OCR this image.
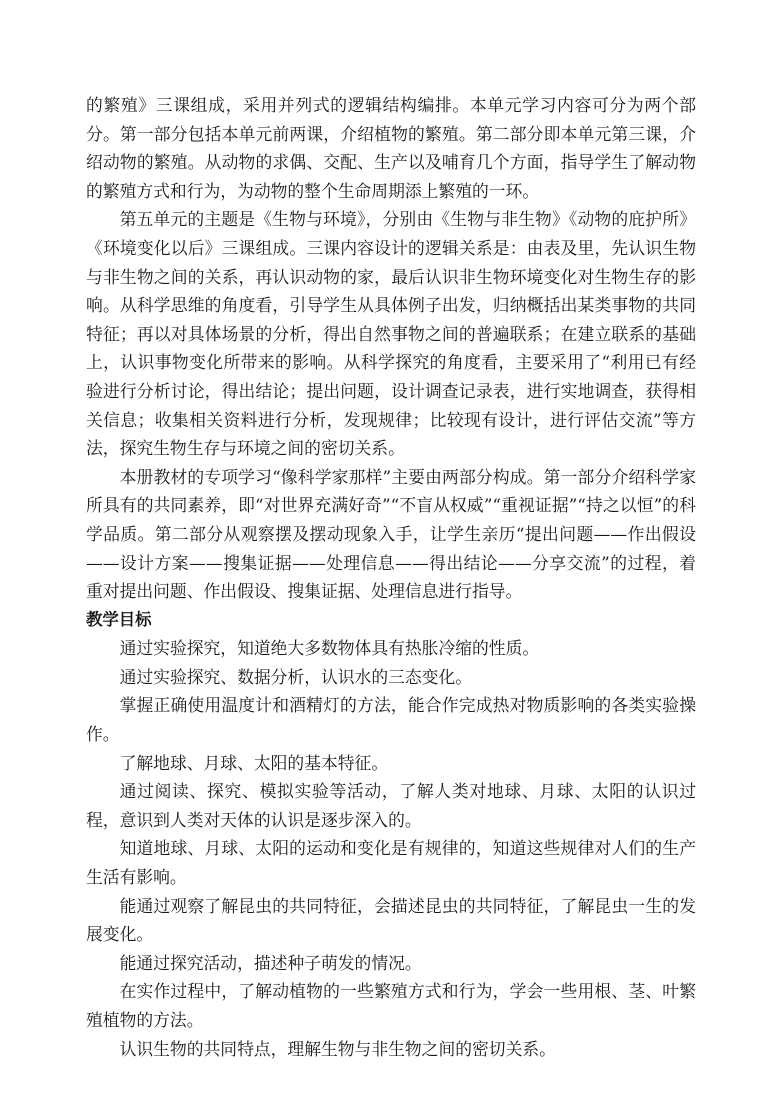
的繁殖》三课组成，采用并列式的逻辑结构编排。本单元学习内容可分为两个部分。第一部分包括本单元前两课，介绍植物的繁殖。第二部分即本单元第三课，介绍动物的繁殖。从动物的求偶、交配、生产以及哺育几个方面，指导学生了解动物的繁殖方式和行为，为动物的整个生命周期添上繁殖的一环。

第五单元的主题是《生物与环境》，分别由《生物与非生物》《动物的庇护所》《环境变化以后》三课组成。三课内容设计的逻辑关系是：由表及里，先认识生物与非生物之间的关系，再认识动物的家，最后认识非生物环境变化对生物生存的影响。从科学思维的角度看，引导学生从具体例子出发，归纳概括出某类事物的共同特征；再以对具体场景的分析，得出自然事物之间的普遍联系；在建立联系的基础上，认识事物变化所带来的影响。从科学探究的角度看，主要采用了“利用已有经验进行分析讨论，得出结论；提出问题，设计调查记录表，进行实地调查，获得相关信息；收集相关资料进行分析，发现规律；比较现有设计，进行评估交流”等方法，探究生物生存与环境之间的密切关系。

本册教材的专项学习“像科学家那样”主要由两部分构成。第一部分介绍科学家所具有的共同素养，即“对世界充满好奇”“不盲从权威”“重视证据”“持之以恒”的科学品质。第二部分从观察摆及摆动现象入手，让学生亲历“提出问题——作出假设——设计方案——搜集证据——处理信息——得出结论——分享交流”的过程，着重对提出问题、作出假设、搜集证据、处理信息进行指导。

教学目标

通过实验探究，知道绝大多数物体具有热胀冷缩的性质。

通过实验探究、数据分析，认识水的三态变化。

掌握正确使用温度计和酒精灯的方法，能合作完成热对物质影响的各类实验操作。

了解地球、月球、太阳的基本特征。

通过阅读、探究、模拟实验等活动，了解人类对地球、月球、太阳的认识过程，意识到人类对天体的认识是逐步深入的。

知道地球、月球、太阳的运动和变化是有规律的，知道这些规律对人们的生产生活有影响。

能通过观察了解昆虫的共同特征，会描述昆虫的共同特征，了解昆虫一生的发展变化。

能通过探究活动，描述种子萌发的情况。

在实作过程中，了解动植物的一些繁殖方式和行为，学会一些用根、茎、叶繁殖植物的方法。

认识生物的共同特点，理解生物与非生物之间的密切关系。
